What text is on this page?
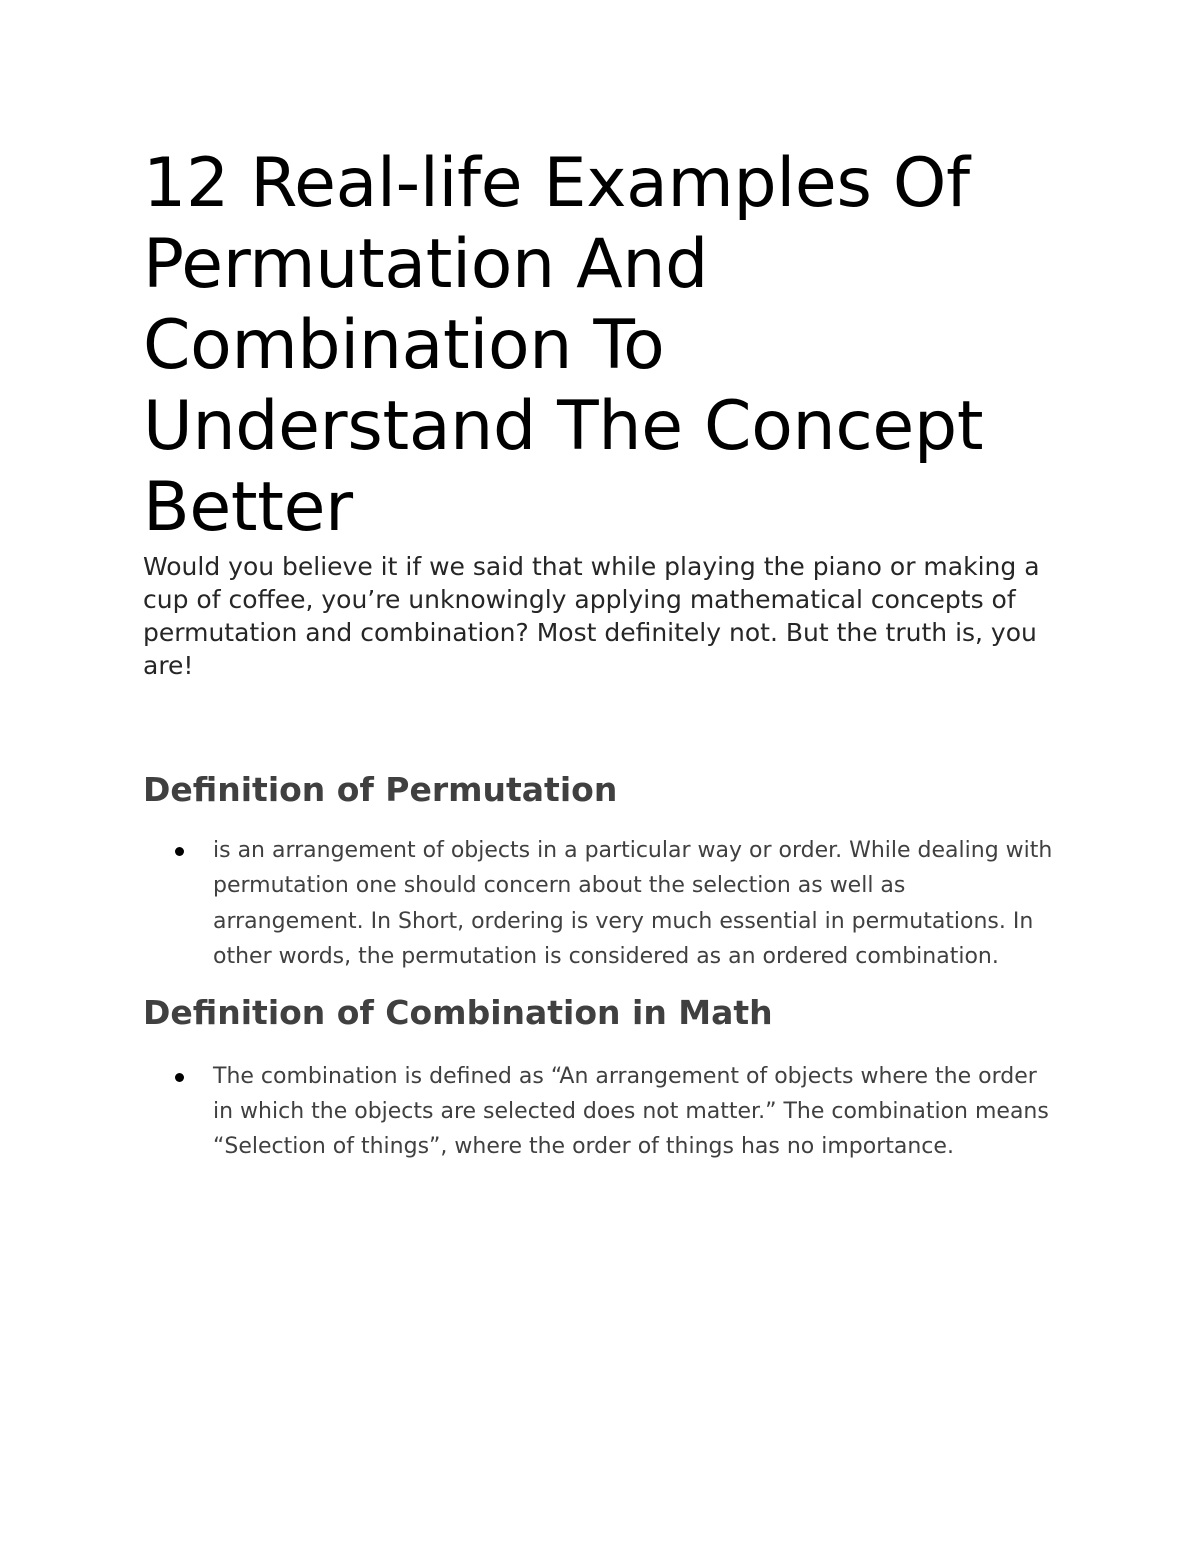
12 Real-life Examples Of Permutation And Combination To Understand The Concept Better

Would you believe it if we said that while playing the piano or making a cup of coffee, you’re unknowingly applying mathematical concepts of permutation and combination? Most definitely not. But the truth is, you are!

Definition of Permutation
is an arrangement of objects in a particular way or order. While dealing with permutation one should concern about the selection as well as arrangement. In Short, ordering is very much essential in permutations. In other words, the permutation is considered as an ordered combination.
Definition of Combination in Math
The combination is defined as “An arrangement of objects where the order in which the objects are selected does not matter.” The combination means “Selection of things”, where the order of things has no importance.
